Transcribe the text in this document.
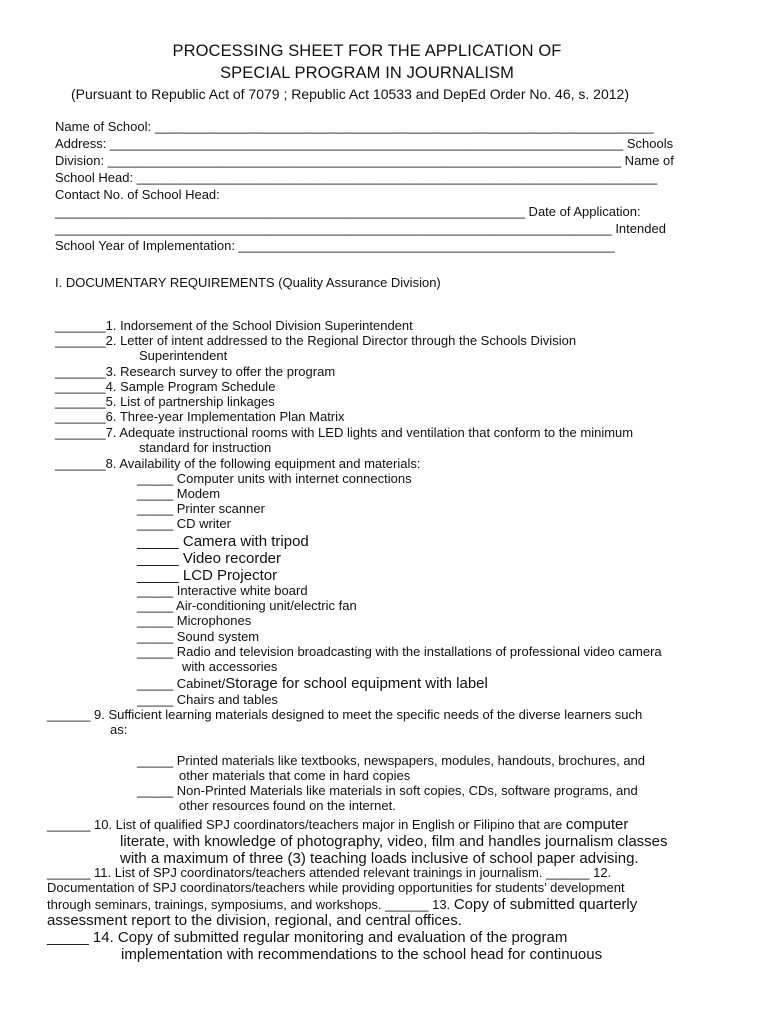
PROCESSING SHEET FOR THE APPLICATION OF

SPECIAL PROGRAM IN JOURNALISM

(Pursuant to Republic Act of 7079 ; Republic Act 10533 and DepEd Order No. 46, s. 2012)

Name of School: _____________________________________________________________________

Address: _______________________________________________________________________ Schools

Division: _______________________________________________________________________ Name of

School Head: ________________________________________________________________________

Contact No. of School Head:

_________________________________________________________________ Date of Application:

_____________________________________________________________________________ Intended

School Year of Implementation: ____________________________________________________

I. DOCUMENTARY REQUIREMENTS (Quality Assurance Division)

_______1. Indorsement of the School Division Superintendent

_______2. Letter of intent addressed to the Regional Director through the Schools Division

Superintendent

_______3. Research survey to offer the program

_______4. Sample Program Schedule

_______5. List of partnership linkages

_______6. Three-year Implementation Plan Matrix

_______7. Adequate instructional rooms with LED lights and ventilation that conform to the minimum

standard for instruction

_______8. Availability of the following equipment and materials:

_____ Computer units with internet connections

_____ Modem

_____ Printer scanner

_____ CD writer

_____ Camera with tripod

_____ Video recorder

_____ LCD Projector

_____ Interactive white board

_____ Air-conditioning unit/electric fan

_____ Microphones

_____ Sound system

_____ Radio and television broadcasting with the installations of professional video camera

with accessories

_____ Cabinet/Storage for school equipment with label

_____ Chairs and tables

______ 9. Sufficient learning materials designed to meet the specific needs of the diverse learners such

as:

_____ Printed materials like textbooks, newspapers, modules, handouts, brochures, and

other materials that come in hard copies

_____ Non-Printed Materials like materials in soft copies, CDs, software programs, and

other resources found on the internet.

______ 10. List of qualified SPJ coordinators/teachers major in English or Filipino that are computer

literate, with knowledge of photography, video, film and handles journalism classes

with a maximum of three (3) teaching loads inclusive of school paper advising.

______ 11. List of SPJ coordinators/teachers attended relevant trainings in journalism. ______ 12.

Documentation of SPJ coordinators/teachers while providing opportunities for students’ development

through seminars, trainings, symposiums, and workshops. ______ 13. Copy of submitted quarterly

assessment report to the division, regional, and central offices.

_____ 14. Copy of submitted regular monitoring and evaluation of the program

implementation with recommendations to the school head for continuous
